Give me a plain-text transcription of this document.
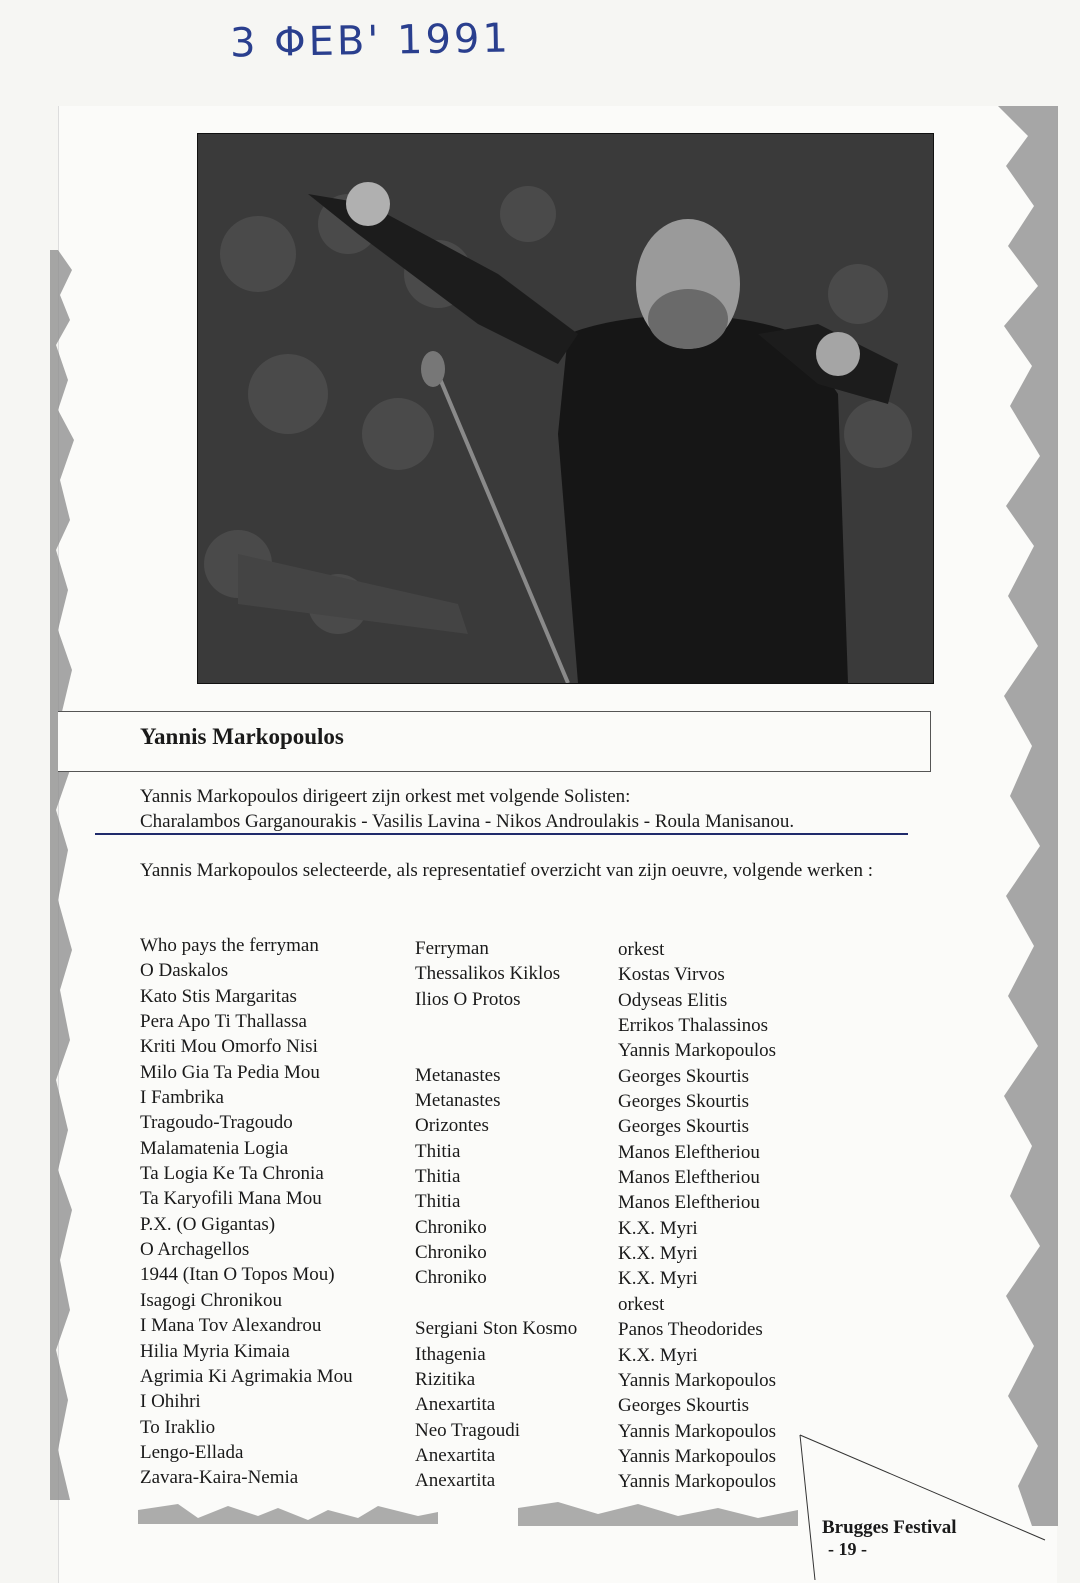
3 ΦΕΒ' 1991
Yannis Markopoulos
Yannis Markopoulos dirigeert zijn orkest met volgende Solisten:
Charalambos Garganourakis - Vasilis Lavina - Nikos Androulakis - Roula Manisanou.
Yannis Markopoulos selecteerde, als representatief overzicht van zijn oeuvre, volgende werken :
Who pays the ferryman
O Daskalos
Kato Stis Margaritas
Pera Apo Ti Thallassa
Kriti Mou Omorfo Nisi
Milo Gia Ta Pedia Mou
I Fambrika
Tragoudo-Tragoudo
Malamatenia Logia
Ta Logia Ke Ta Chronia
Ta Karyofili Mana Mou
P.X. (O Gigantas)
O Archagellos
1944 (Itan O Topos Mou)
Isagogi Chronikou
I Mana Tov Alexandrou
Hilia Myria Kimaia
Agrimia Ki Agrimakia Mou
I Ohihri
To Iraklio
Lengo-Ellada
Zavara-Kaira-Nemia
Ferryman
Thessalikos Kiklos
Ilios O Protos
Metanastes
Metanastes
Orizontes
Thitia
Thitia
Thitia
Chroniko
Chroniko
Chroniko
Sergiani Ston Kosmo
Ithagenia
Rizitika
Anexartita
Neo Tragoudi
Anexartita
Anexartita
orkest
Kostas Virvos
Odyseas Elitis
Errikos Thalassinos
Yannis Markopoulos
Georges Skourtis
Georges Skourtis
Georges Skourtis
Manos Eleftheriou
Manos Eleftheriou
Manos Eleftheriou
K.X. Myri
K.X. Myri
K.X. Myri
orkest
Panos Theodorides
K.X. Myri
Yannis Markopoulos
Georges Skourtis
Yannis Markopoulos
Yannis Markopoulos
Yannis Markopoulos
Brugges Festival
- 19 -
